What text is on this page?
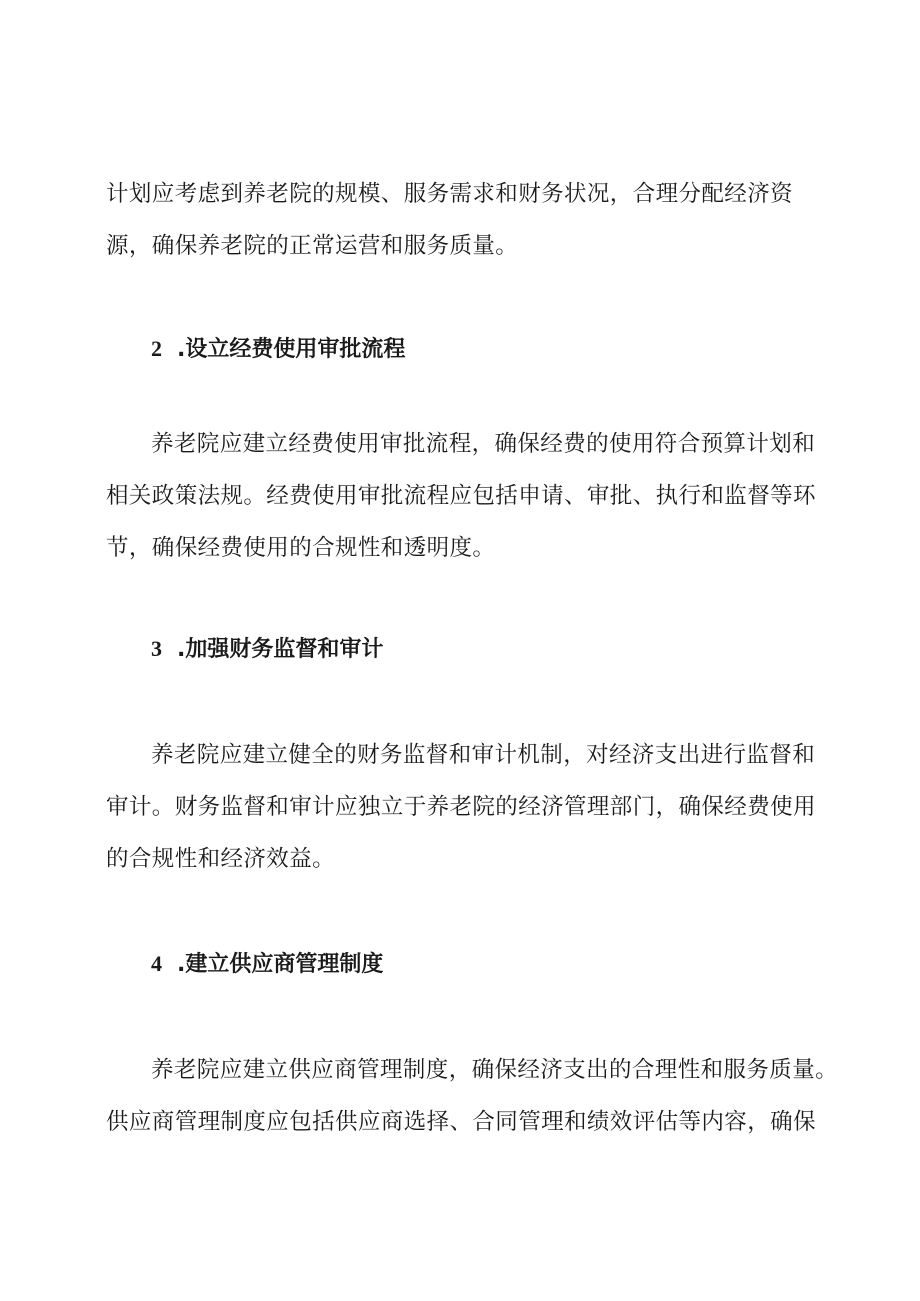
计划应考虑到养老院的规模、服务需求和财务状况，合理分配经济资
源，确保养老院的正常运营和服务质量。

2 .设立经费使用审批流程

养老院应建立经费使用审批流程，确保经费的使用符合预算计划和
相关政策法规。经费使用审批流程应包括申请、审批、执行和监督等环
节，确保经费使用的合规性和透明度。

3 .加强财务监督和审计

养老院应建立健全的财务监督和审计机制，对经济支出进行监督和
审计。财务监督和审计应独立于养老院的经济管理部门，确保经费使用
的合规性和经济效益。

4 .建立供应商管理制度

养老院应建立供应商管理制度，确保经济支出的合理性和服务质量。
供应商管理制度应包括供应商选择、合同管理和绩效评估等内容，确保
